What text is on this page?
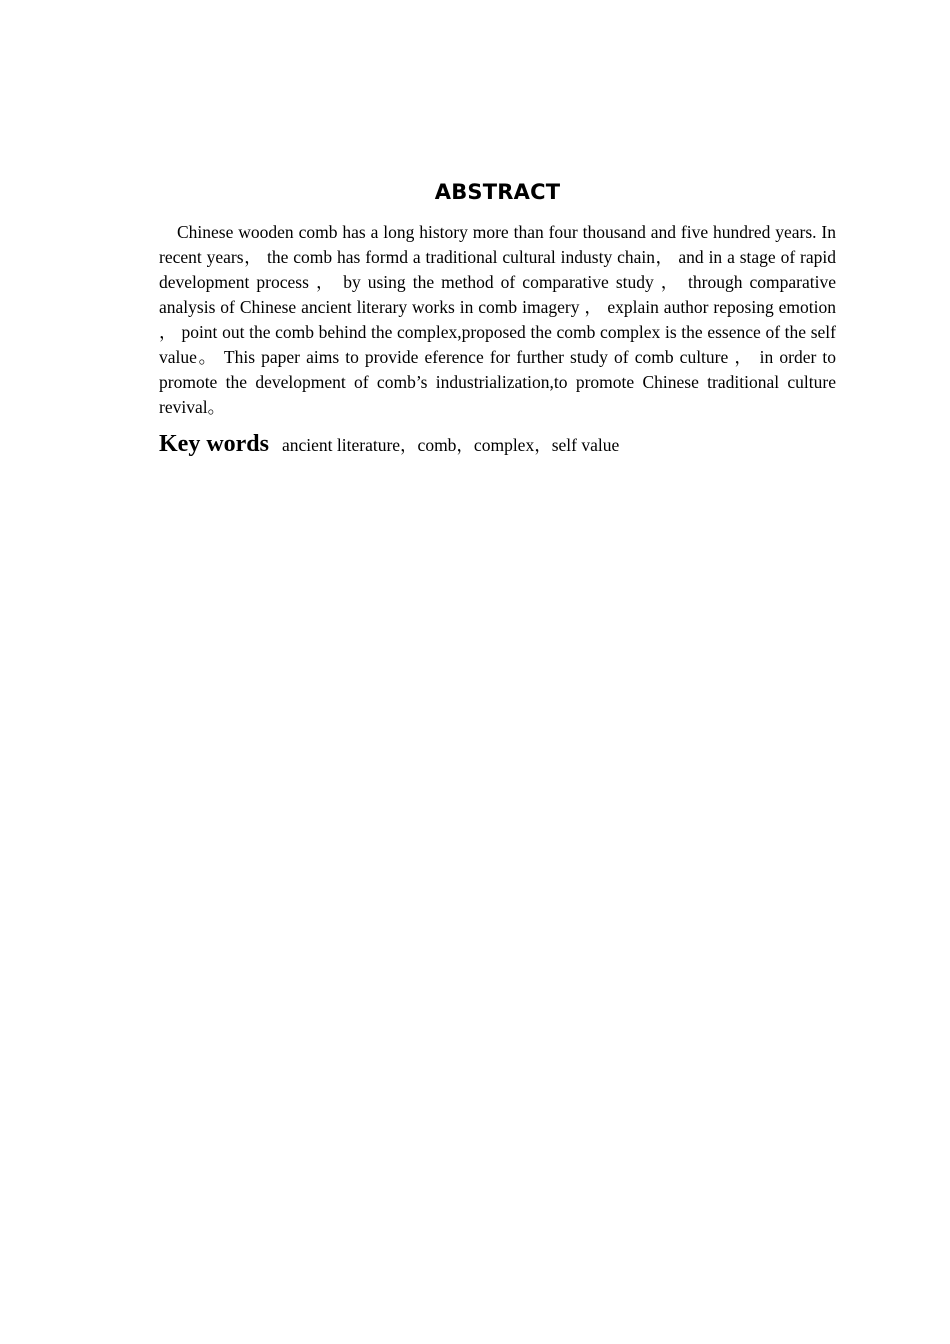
ABSTRACT

Chinese wooden comb has a long history more than four thousand and five hundred years. In recent years， the comb has formd a traditional cultural industy chain， and in a stage of rapid development process ， by using the method of comparative study ， through comparative analysis of Chinese ancient literary works in comb imagery ， explain author reposing emotion ， point out the comb behind the complex,proposed the comb complex is the essence of the self value。 This paper aims to provide eference for further study of comb culture ， in order to promote the development of comb’s industrialization,to promote Chinese traditional culture revival。

Key words ancient literature，comb，complex，self value
